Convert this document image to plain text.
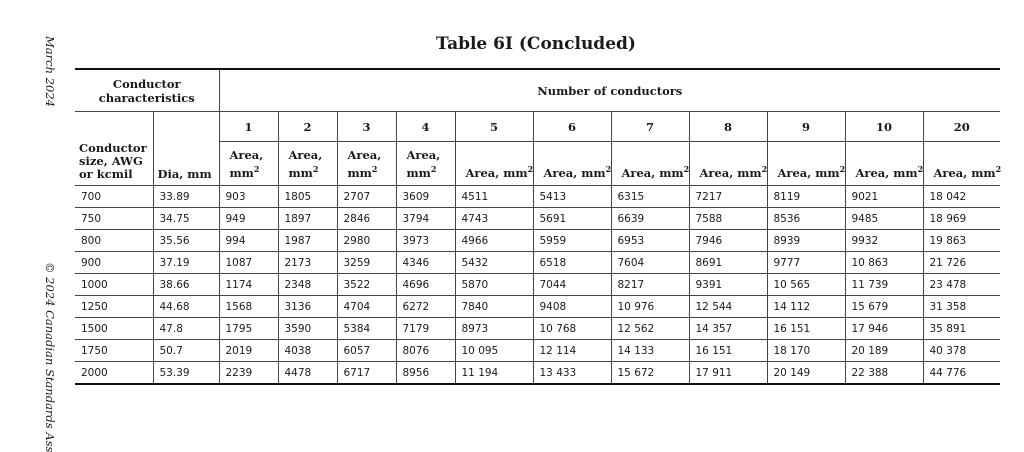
March 2024
© 2024 Canadian Standards Ass
Table 6I (Concluded)
Conductor characteristics		Number of conductors										
Conductor size, AWG or kcmil	Dia, mm	1	2	3	4	5	6	7	8	9	10	20
		Area, $mm^2$	Area, $mm^2$	Area, $mm^2$	Area, $mm^2$	Area, $mm^2$	Area, $mm^2$	Area, $mm^2$	Area, $mm^2$	Area, $mm^2$	Area, $mm^2$	Area, $mm^2$
700	33.89	903	1805	2707	3609	4511	5413	6315	7217	8119	9021	18 042
750	34.75	949	1897	2846	3794	4743	5691	6639	7588	8536	9485	18 969
800	35.56	994	1987	2980	3973	4966	5959	6953	7946	8939	9932	19 863
900	37.19	1087	2173	3259	4346	5432	6518	7604	8691	9777	10 863	21 726
1000	38.66	1174	2348	3522	4696	5870	7044	8217	9391	10 565	11 739	23 478
1250	44.68	1568	3136	4704	6272	7840	9408	10 976	12 544	14 112	15 679	31 358
1500	47.8	1795	3590	5384	7179	8973	10 768	12 562	14 357	16 151	17 946	35 891
1750	50.7	2019	4038	6057	8076	10 095	12 114	14 133	16 151	18 170	20 189	40 378
2000	53.39	2239	4478	6717	8956	11 194	13 433	15 672	17 911	20 149	22 388	44 776
